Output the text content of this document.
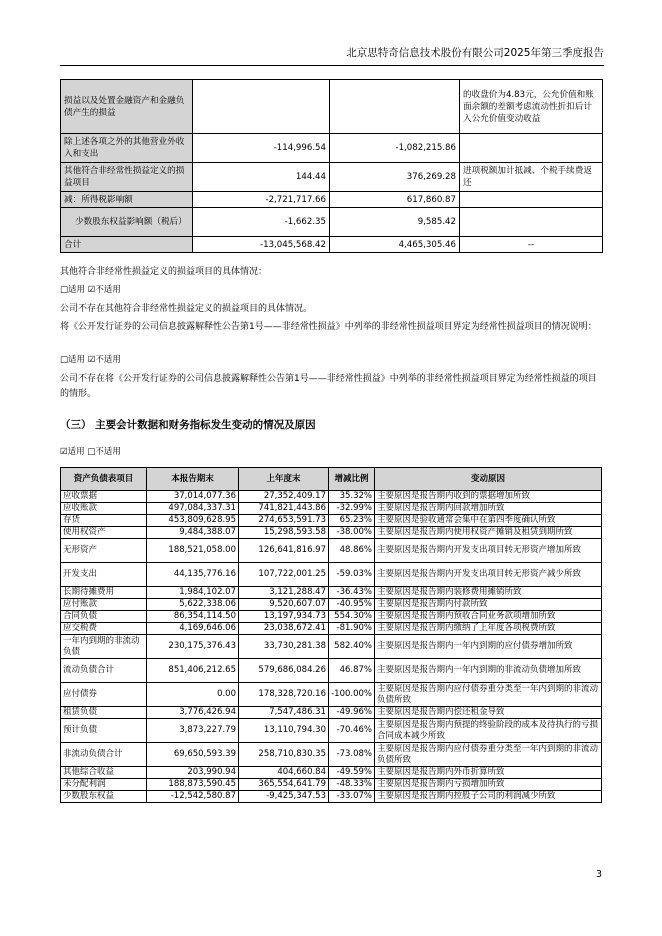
北京思特奇信息技术股份有限公司2025年第三季度报告
损益以及处置金融资产和金融负债产生的损益			的收盘价为4.83元，公允价值和账面余额的差额考虑流动性折扣后计入公允价值变动收益
除上述各项之外的其他营业外收入和支出	-114,996.54	-1,082,215.86	
其他符合非经常性损益定义的损益项目	144.44	376,269.28	进项税额加计抵减、个税手续费返还
减：所得税影响额	-2,721,717.66	617,860.87	
少数股东权益影响额（税后）	-1,662.35	9,585.42	
合计	-13,045,568.42	4,465,305.46	--
其他符合非经常性损益定义的损益项目的具体情况：
□适用 ☑不适用
公司不存在其他符合非经常性损益定义的损益项目的具体情况。
将《公开发行证券的公司信息披露解释性公告第1号——非经常性损益》中列举的非经常性损益项目界定为经常性损益项目的情况说明：
□适用 ☑不适用
公司不存在将《公开发行证券的公司信息披露解释性公告第1号——非经常性损益》中列举的非经常性损益项目界定为经常性损益的项目的情形。
（三） 主要会计数据和财务指标发生变动的情况及原因
☑适用 □不适用
资产负债表项目	本报告期末	上年度末	增减比例	变动原因
应收票据	37,014,077.36	27,352,409.17	35.32%	主要原因是报告期内收到的票据增加所致
应收账款	497,084,337.31	741,821,443.86	-32.99%	主要原因是报告期内回款增加所致
存货	453,809,628.95	274,653,591.73	65.23%	主要原因是验收通常会集中在第四季度确认所致
使用权资产	9,484,388.07	15,298,593.58	-38.00%	主要原因是报告期内使用权资产摊销及租赁到期所致
无形资产	188,521,058.00	126,641,816.97	48.86%	主要原因是报告期内开发支出项目转无形资产增加所致
开发支出	44,135,776.16	107,722,001.25	-59.03%	主要原因是报告期内开发支出项目转无形资产减少所致
长期待摊费用	1,984,102.07	3,121,288.47	-36.43%	主要原因是报告期内装修费用摊销所致
应付账款	5,622,338.06	9,520,607.07	-40.95%	主要原因是报告期内付款所致
合同负债	86,354,114.50	13,197,934.73	554.30%	主要原因是报告期内预收合同业务款项增加所致
应交税费	4,169,646.06	23,038,672.41	-81.90%	主要原因是报告期内缴纳了上年度各项税费所致
一年内到期的非流动负债	230,175,376.43	33,730,281.38	582.40%	主要原因是报告期内一年内到期的应付债券增加所致
流动负债合计	851,406,212.65	579,686,084.26	46.87%	主要原因是报告期内一年内到期的非流动负债增加所致
应付债券	0.00	178,328,720.16	-100.00%	主要原因是报告期内应付债券重分类至一年内到期的非流动负债所致
租赁负债	3,776,426.94	7,547,486.31	-49.96%	主要原因是报告期内偿还租金导致
预计负债	3,873,227.79	13,110,794.30	-70.46%	主要原因是报告期内预提的终验阶段的成本及待执行的亏损合同成本减少所致
非流动负债合计	69,650,593.39	258,710,830.35	-73.08%	主要原因是报告期内应付债券重分类至一年内到期的非流动负债所致
其他综合收益	203,990.94	404,660.84	-49.59%	主要原因是报告期内外币折算所致
未分配利润	188,873,590.45	365,554,641.79	-48.33%	主要原因是报告期内亏损增加所致
少数股东权益	-12,542,580.87	-9,425,347.53	-33.07%	主要原因是报告期内控股子公司的利润减少所致
3
